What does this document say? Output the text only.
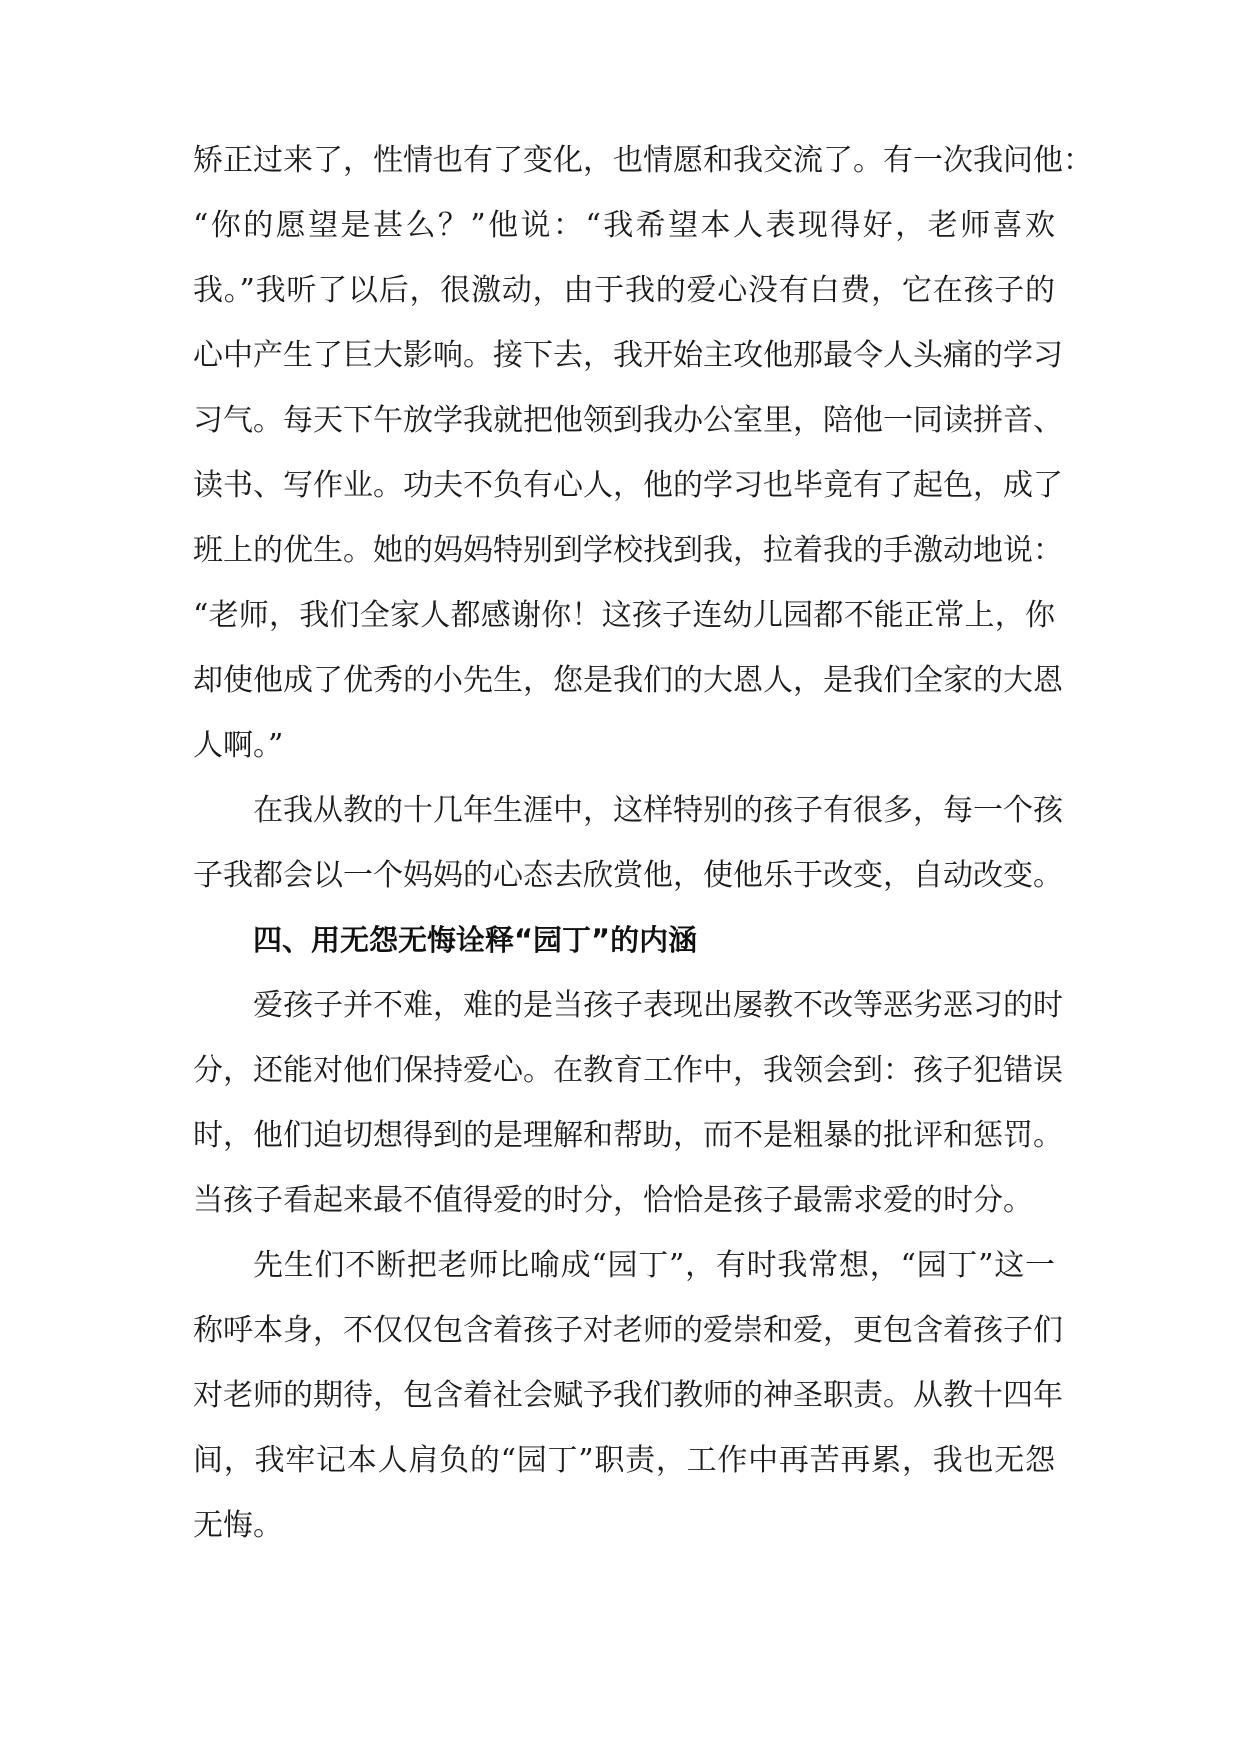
矫正过来了，性情也有了变化，也情愿和我交流了。有一次我问他：
“你的愿望是甚么？”他说：“我希望本人表现得好，老师喜欢
我。”我听了以后，很激动，由于我的爱心没有白费，它在孩子的
心中产生了巨大影响。接下去，我开始主攻他那最令人头痛的学习
习气。每天下午放学我就把他领到我办公室里，陪他一同读拼音、
读书、写作业。功夫不负有心人，他的学习也毕竟有了起色，成了
班上的优生。她的妈妈特别到学校找到我，拉着我的手激动地说：
“老师，我们全家人都感谢你！这孩子连幼儿园都不能正常上，你
却使他成了优秀的小先生，您是我们的大恩人，是我们全家的大恩
人啊。”
在我从教的十几年生涯中，这样特别的孩子有很多，每一个孩
子我都会以一个妈妈的心态去欣赏他，使他乐于改变，自动改变。
四、用无怨无悔诠释“园丁”的内涵
爱孩子并不难，难的是当孩子表现出屡教不改等恶劣恶习的时
分，还能对他们保持爱心。在教育工作中，我领会到：孩子犯错误
时，他们迫切想得到的是理解和帮助，而不是粗暴的批评和惩罚。
当孩子看起来最不值得爱的时分，恰恰是孩子最需求爱的时分。
先生们不断把老师比喻成“园丁”，有时我常想，“园丁”这一
称呼本身，不仅仅包含着孩子对老师的爱崇和爱，更包含着孩子们
对老师的期待，包含着社会赋予我们教师的神圣职责。从教十四年
间，我牢记本人肩负的“园丁”职责，工作中再苦再累，我也无怨
无悔。
